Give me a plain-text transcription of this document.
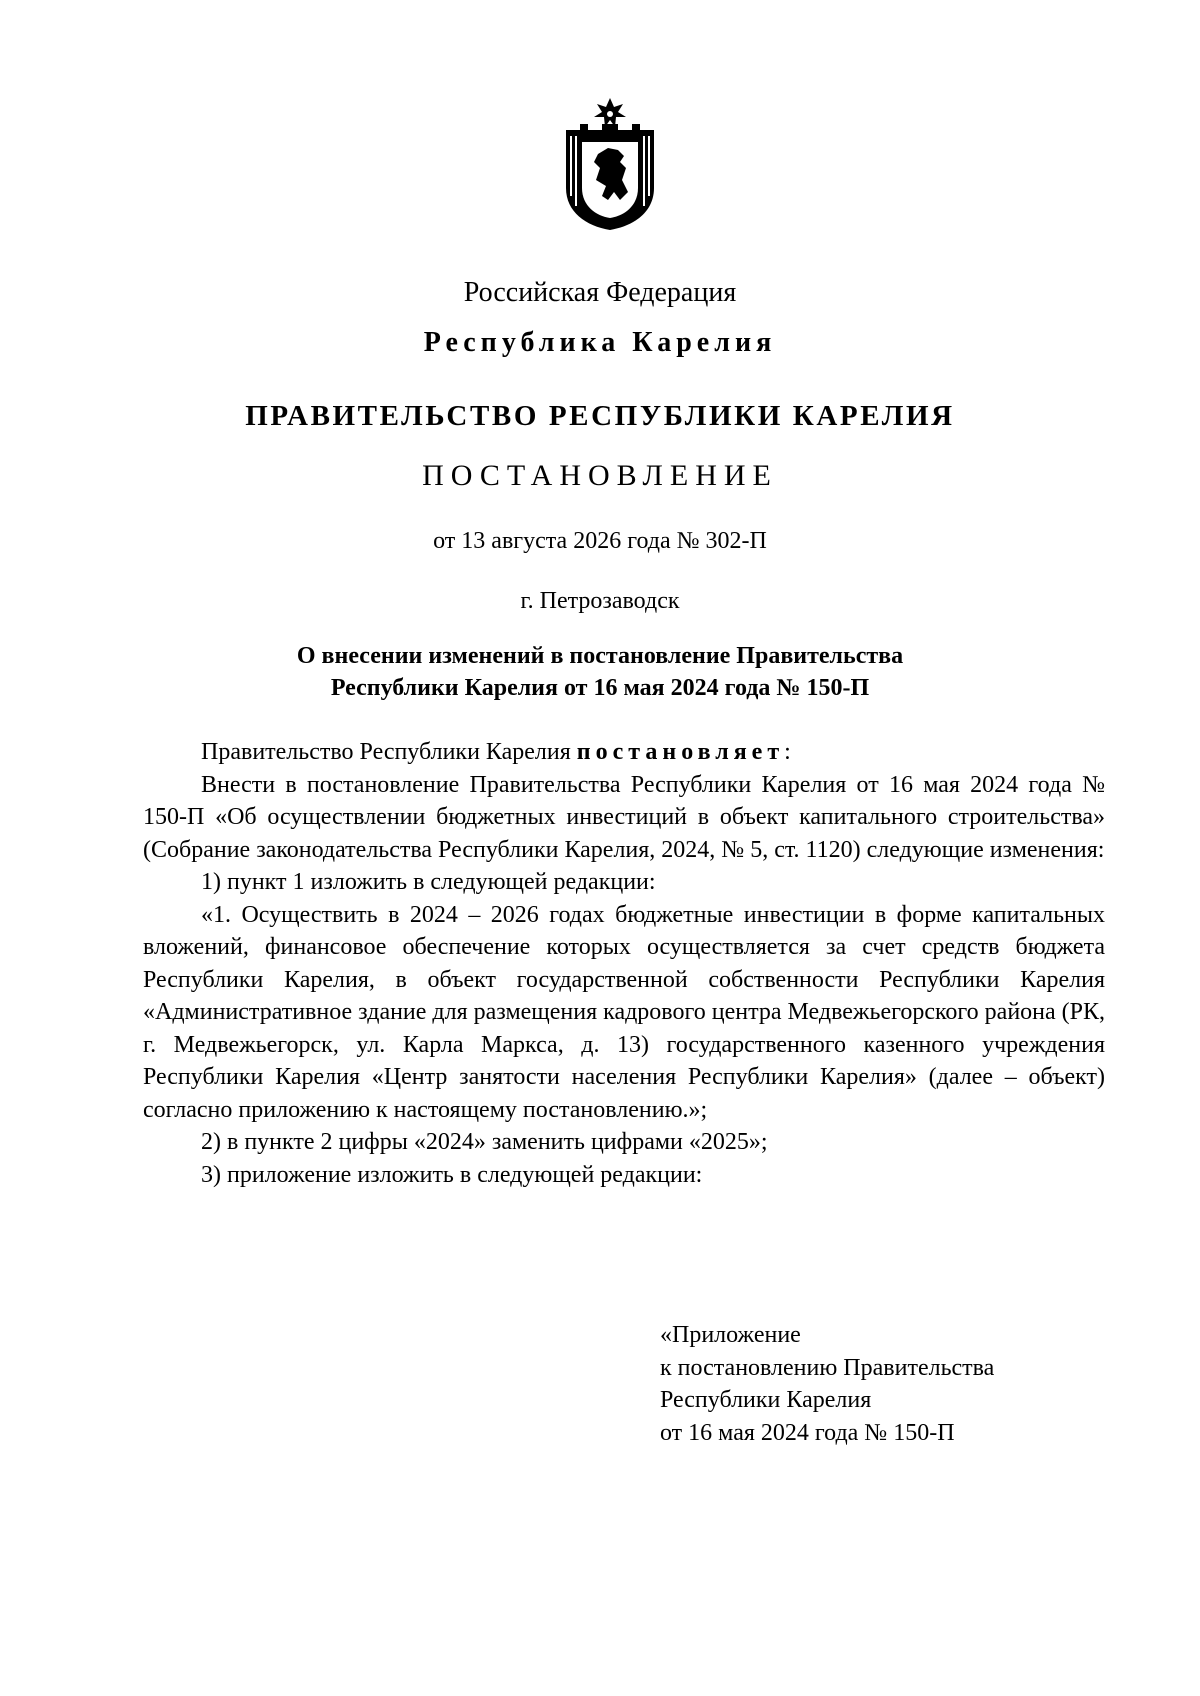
Российская Федерация
Республика Карелия
ПРАВИТЕЛЬСТВО РЕСПУБЛИКИ КАРЕЛИЯ
ПОСТАНОВЛЕНИЕ
от 13 августа 2026 года № 302-П
г. Петрозаводск
О внесении изменений в постановление Правительства
Республики Карелия от 16 мая 2024 года № 150-П

Правительство Республики Карелия постановляет:

Внести в постановление Правительства Республики Карелия от 16 мая 2024 года № 150-П «Об осуществлении бюджетных инвестиций в объект капитального строительства» (Собрание законодательства Республики Карелия, 2024, № 5, ст. 1120) следующие изменения:

1) пункт 1 изложить в следующей редакции:

«1. Осуществить в 2024 – 2026 годах бюджетные инвестиции в форме капитальных вложений, финансовое обеспечение которых осуществляется за счет средств бюджета Республики Карелия, в объект государственной собственности Республики Карелия «Административное здание для размещения кадрового центра Медвежьегорского района (РК, г. Медвежьегорск, ул. Карла Маркса, д. 13) государственного казенного учреждения Республики Карелия «Центр занятости населения Республики Карелия» (далее – объект) согласно приложению к настоящему постановлению.»;

2) в пункте 2 цифры «2024» заменить цифрами «2025»;

3) приложение изложить в следующей редакции:

«Приложение
к постановлению Правительства
Республики Карелия
от 16 мая 2024 года № 150-П
